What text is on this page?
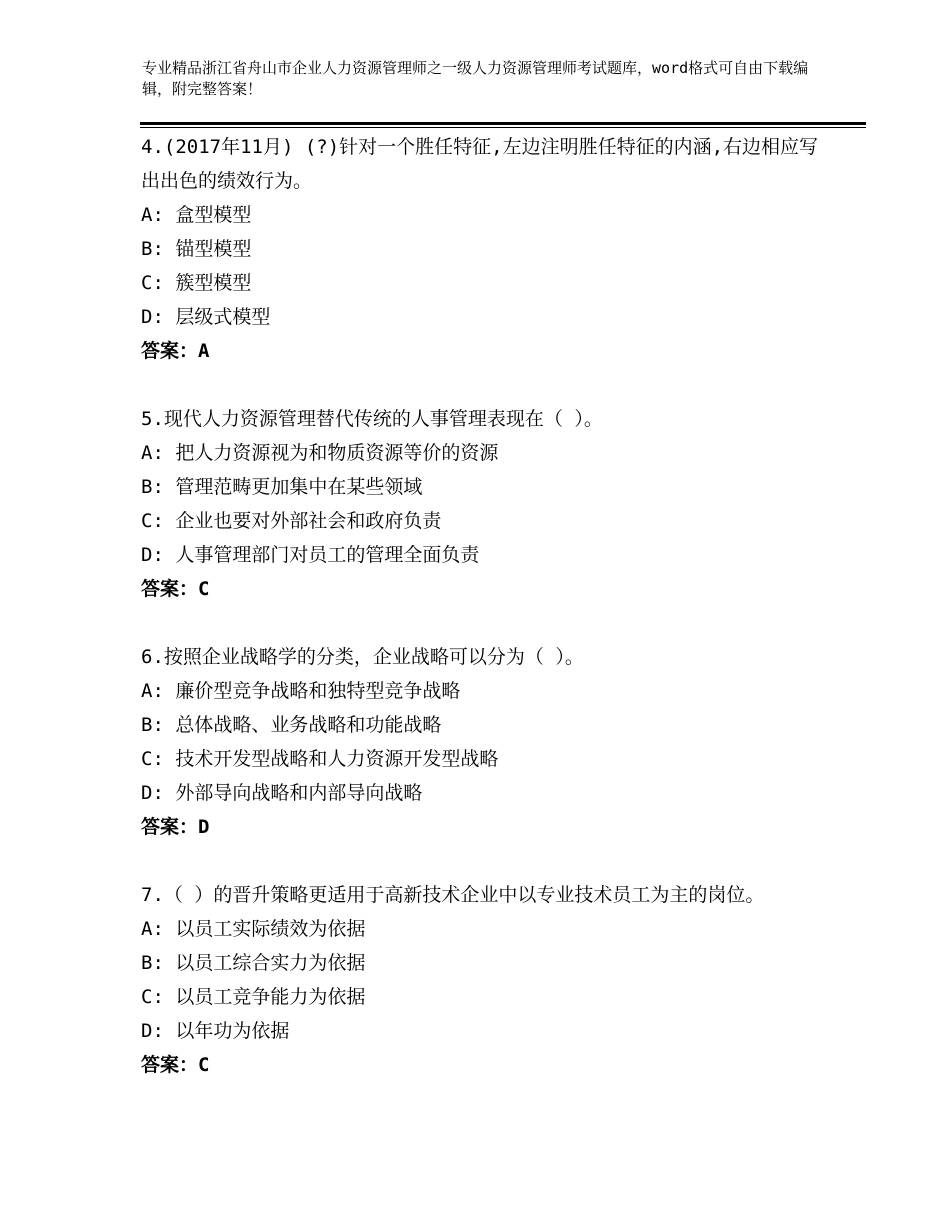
专业精品浙江省舟山市企业人力资源管理师之一级人力资源管理师考试题库，word格式可自由下载编辑，附完整答案！
4.(2017年11月) (?)针对一个胜任特征,左边注明胜任特征的内涵,右边相应写出出色的绩效行为。
A: 盒型模型
B: 锚型模型
C: 簇型模型
D: 层级式模型
答案：A
5.现代人力资源管理替代传统的人事管理表现在（ ）。
A: 把人力资源视为和物质资源等价的资源
B: 管理范畴更加集中在某些领域
C: 企业也要对外部社会和政府负责
D: 人事管理部门对员工的管理全面负责
答案：C
6.按照企业战略学的分类，企业战略可以分为（ ）。
A: 廉价型竞争战略和独特型竞争战略
B: 总体战略、业务战略和功能战略
C: 技术开发型战略和人力资源开发型战略
D: 外部导向战略和内部导向战略
答案：D
7.（ ）的晋升策略更适用于高新技术企业中以专业技术员工为主的岗位。
A: 以员工实际绩效为依据
B: 以员工综合实力为依据
C: 以员工竞争能力为依据
D: 以年功为依据
答案：C
